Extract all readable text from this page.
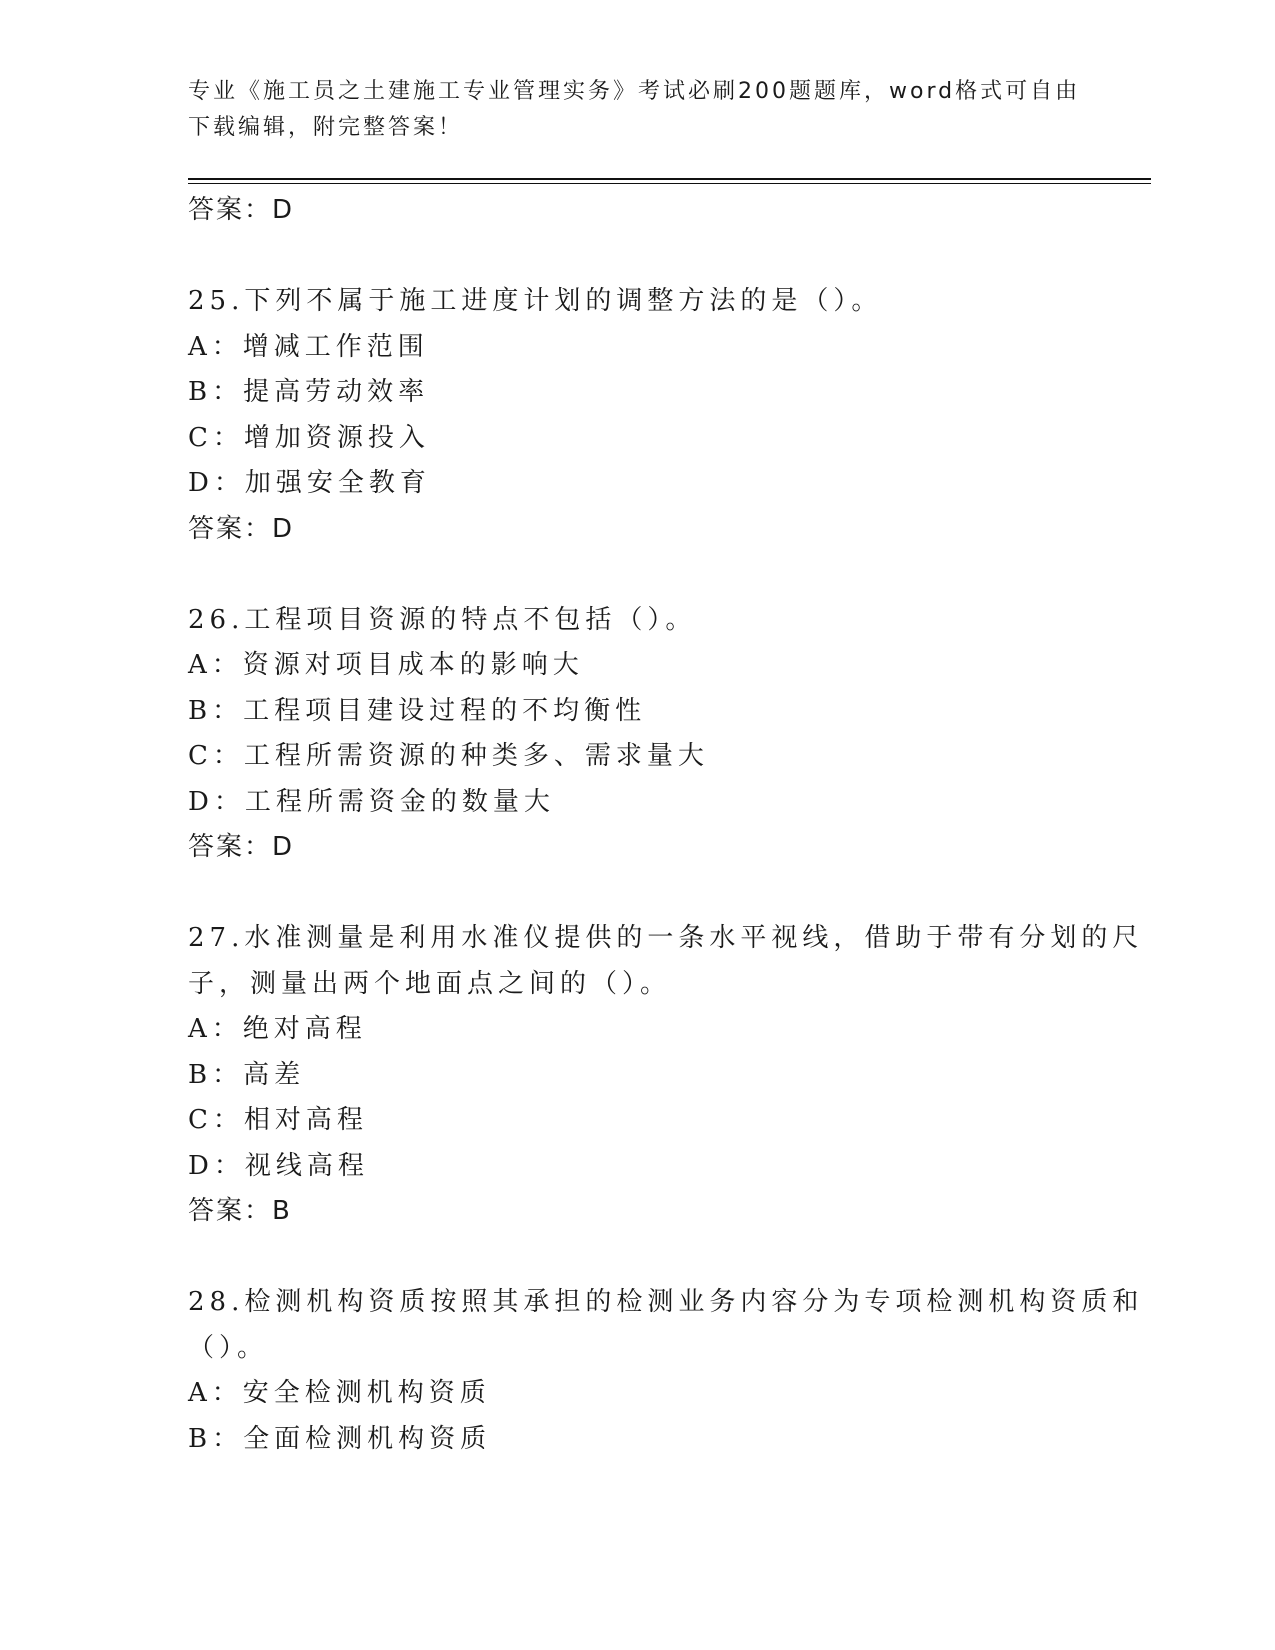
专业《施工员之土建施工专业管理实务》考试必刷200题题库，word格式可自由
下载编辑，附完整答案！
答案：D
25.下列不属于施工进度计划的调整方法的是（）。
A：增减工作范围
B：提高劳动效率
C：增加资源投入
D：加强安全教育
答案：D
26.工程项目资源的特点不包括（）。
A：资源对项目成本的影响大
B：工程项目建设过程的不均衡性
C：工程所需资源的种类多、需求量大
D：工程所需资金的数量大
答案：D
27.水准测量是利用水准仪提供的一条水平视线，借助于带有分划的尺
子，测量出两个地面点之间的（）。
A：绝对高程
B：高差
C：相对高程
D：视线高程
答案：B
28.检测机构资质按照其承担的检测业务内容分为专项检测机构资质和
（）。
A：安全检测机构资质
B：全面检测机构资质
